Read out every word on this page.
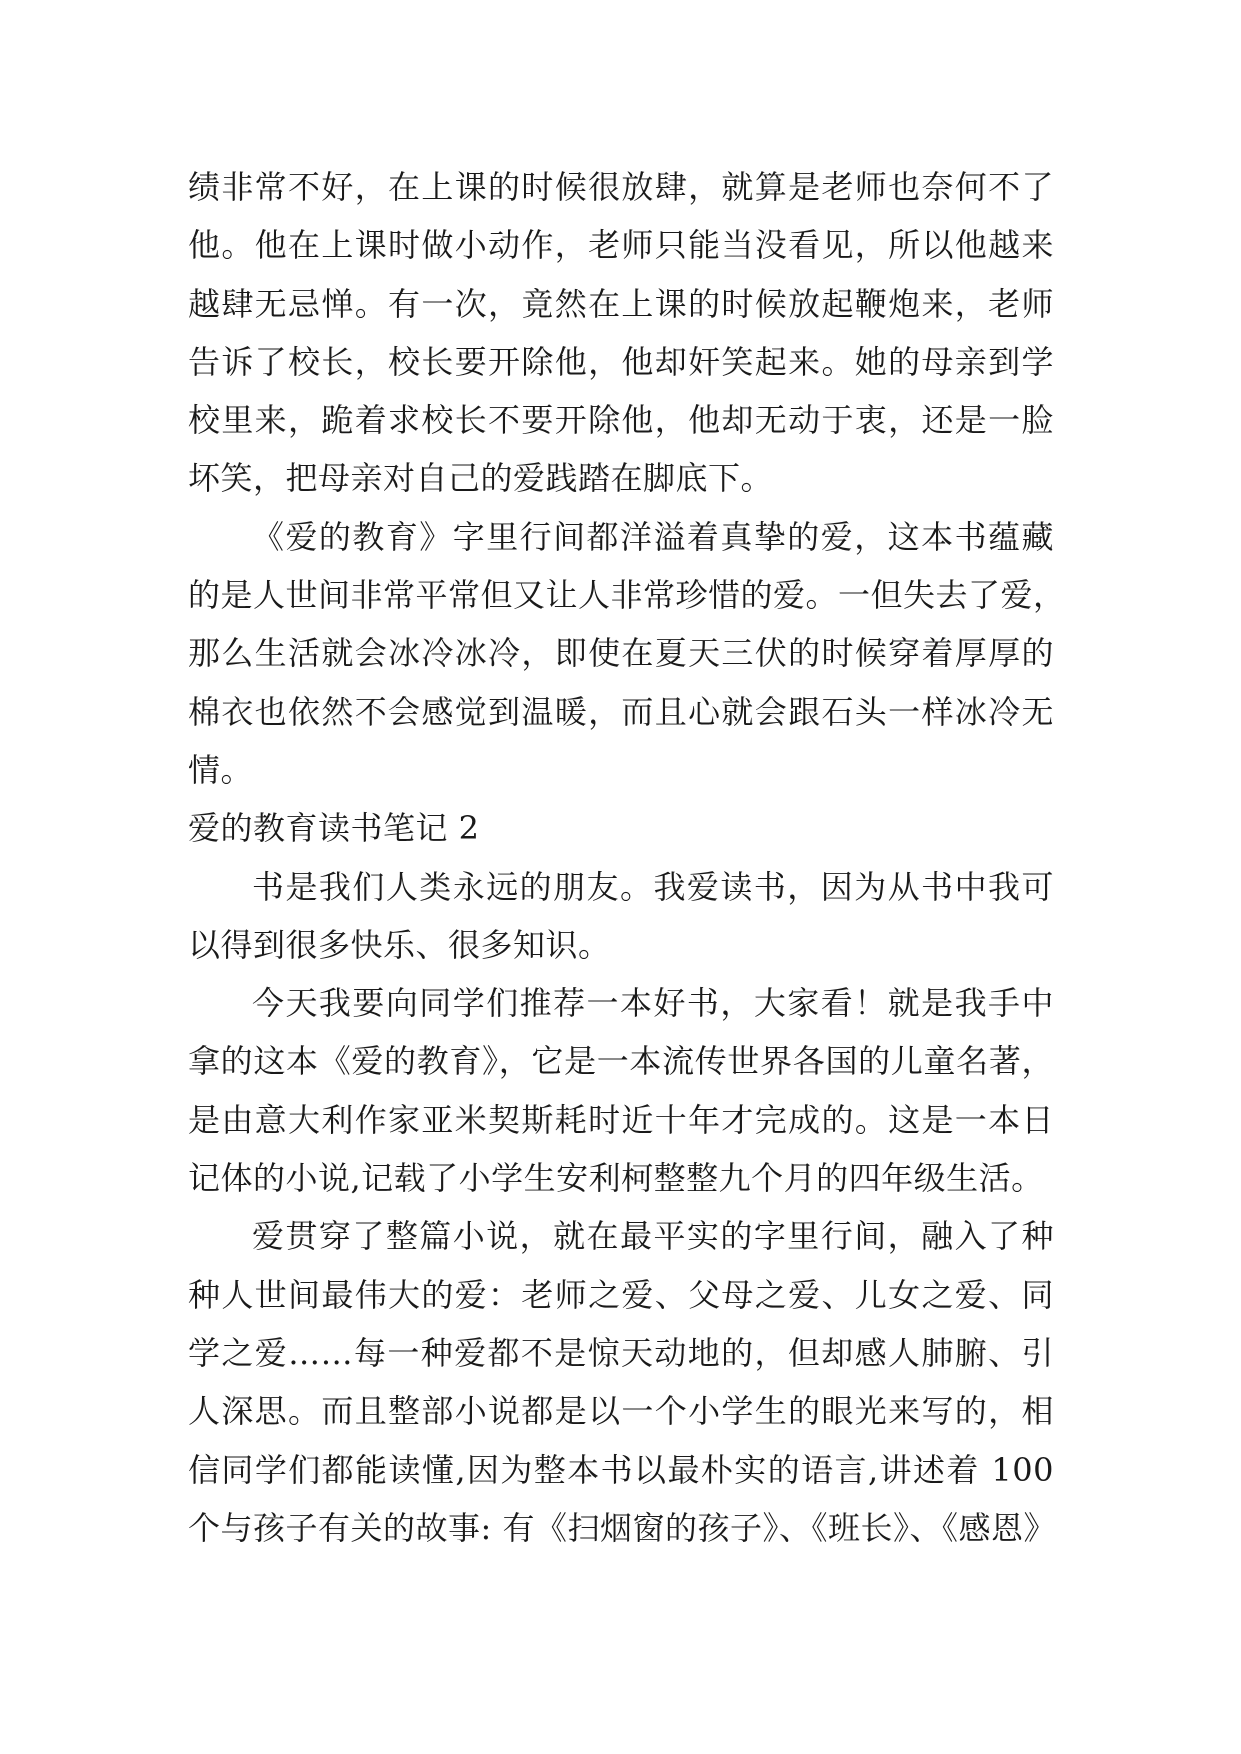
绩非常不好，在上课的时候很放肆，就算是老师也奈何不了
他。他在上课时做小动作，老师只能当没看见，所以他越来
越肆无忌惮。有一次，竟然在上课的时候放起鞭炮来，老师
告诉了校长，校长要开除他，他却奸笑起来。她的母亲到学
校里来，跪着求校长不要开除他，他却无动于衷，还是一脸
坏笑，把母亲对自己的爱践踏在脚底下。
《爱的教育》字里行间都洋溢着真挚的爱，这本书蕴藏
的是人世间非常平常但又让人非常珍惜的爱。一但失去了爱，
那么生活就会冰冷冰冷，即使在夏天三伏的时候穿着厚厚的
棉衣也依然不会感觉到温暖，而且心就会跟石头一样冰冷无
情。
爱的教育读书笔记 2
书是我们人类永远的朋友。我爱读书，因为从书中我可
以得到很多快乐、很多知识。
今天我要向同学们推荐一本好书，大家看！就是我手中
拿的这本《爱的教育》，它是一本流传世界各国的儿童名著，
是由意大利作家亚米契斯耗时近十年才完成的。这是一本日
记体的小说,记载了小学生安利柯整整九个月的四年级生活。
爱贯穿了整篇小说，就在最平实的字里行间，融入了种
种人世间最伟大的爱：老师之爱、父母之爱、儿女之爱、同
学之爱……每一种爱都不是惊天动地的，但却感人肺腑、引
人深思。而且整部小说都是以一个小学生的眼光来写的，相
信同学们都能读懂,因为整本书以最朴实的语言,讲述着 100
个与孩子有关的故事: 有《扫烟窗的孩子》、《班长》、《感恩》
